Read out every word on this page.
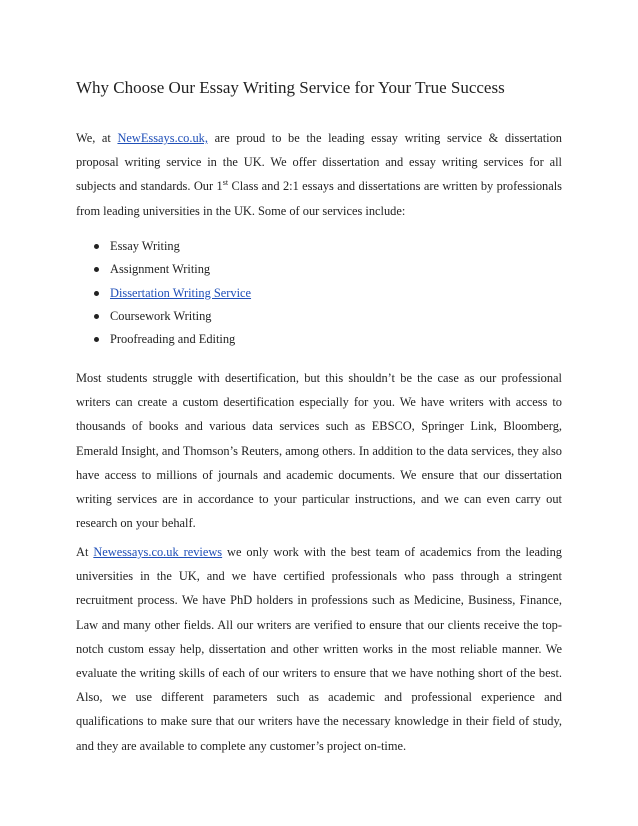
Why Choose Our Essay Writing Service for Your True Success

We, at NewEssays.co.uk, are proud to be the leading essay writing service & dissertation proposal writing service in the UK. We offer dissertation and essay writing services for all subjects and standards. Our 1st Class and 2:1 essays and dissertations are written by professionals from leading universities in the UK. Some of our services include:

Essay Writing
Assignment Writing
Dissertation Writing Service
Coursework Writing
Proofreading and Editing

Most students struggle with desertification, but this shouldn’t be the case as our professional writers can create a custom desertification especially for you. We have writers with access to thousands of books and various data services such as EBSCO, Springer Link, Bloomberg, Emerald Insight, and Thomson’s Reuters, among others. In addition to the data services, they also have access to millions of journals and academic documents. We ensure that our dissertation writing services are in accordance to your particular instructions, and we can even carry out research on your behalf.

At Newessays.co.uk reviews we only work with the best team of academics from the leading universities in the UK, and we have certified professionals who pass through a stringent recruitment process. We have PhD holders in professions such as Medicine, Business, Finance, Law and many other fields. All our writers are verified to ensure that our clients receive the top-notch custom essay help, dissertation and other written works in the most reliable manner. We evaluate the writing skills of each of our writers to ensure that we have nothing short of the best. Also, we use different parameters such as academic and professional experience and qualifications to make sure that our writers have the necessary knowledge in their field of study, and they are available to complete any customer’s project on-time.
